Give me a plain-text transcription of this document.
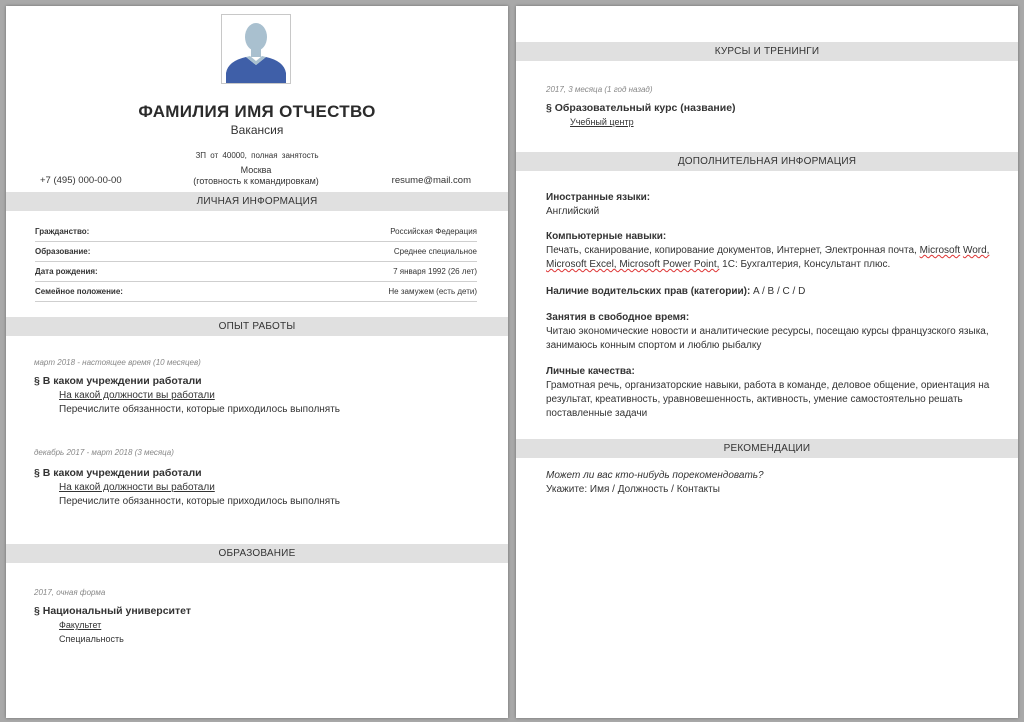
ФАМИЛИЯ ИМЯ ОТЧЕСТВО
Вакансия
ЗП от 40000, полная занятость
Москва
(готовность к командировкам)
+7 (495) 000-00-00	resume@mail.com
ЛИЧНАЯ ИНФОРМАЦИЯ
Гражданство:	Российская Федерация
Образование:	Среднее специальное
Дата рождения:	7 января 1992 (26 лет)
Семейное положение:	Не замужем (есть дети)
ОПЫТ РАБОТЫ
март 2018 - настоящее время (10 месяцев)
§ В каком учреждении работали
На какой должности вы работали
Перечислите обязанности, которые приходилось выполнять
декабрь 2017 - март 2018 (3 месяца)
§ В каком учреждении работали
На какой должности вы работали
Перечислите обязанности, которые приходилось выполнять
ОБРАЗОВАНИЕ
2017, очная форма
§ Национальный университет
Факультет
Специальность
КУРСЫ И ТРЕНИНГИ
2017, 3 месяца (1 год назад)
§ Образовательный курс (название)
Учебный центр
ДОПОЛНИТЕЛЬНАЯ ИНФОРМАЦИЯ
Иностранные языки:
Английский
Компьютерные навыки:
Печать, сканирование, копирование документов, Интернет, Электронная почта, Microsoft Word, Microsoft Excel, Microsoft Power Point, 1С: Бухгалтерия, Консультант плюс.
Наличие водительских прав (категории): A / B / C / D
Занятия в свободное время:
Читаю экономические новости и аналитические ресурсы, посещаю курсы французского языка, занимаюсь конным спортом и люблю рыбалку
Личные качества:
Грамотная речь, организаторские навыки, работа в команде, деловое общение, ориентация на результат, креативность, уравновешенность, активность, умение самостоятельно решать поставленные задачи
РЕКОМЕНДАЦИИ
Может ли вас кто-нибудь порекомендовать?
Укажите: Имя / Должность / Контакты
